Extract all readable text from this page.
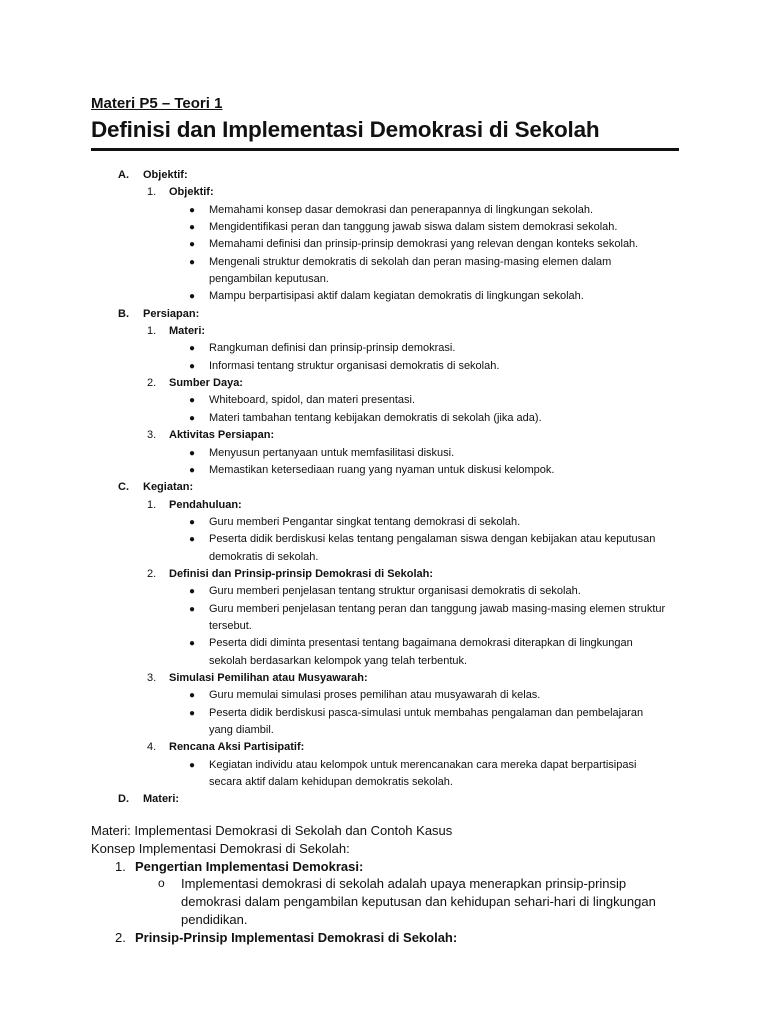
Materi P5 – Teori 1
Definisi dan Implementasi Demokrasi di Sekolah
A. Objektif:
1. Objektif:
● Memahami konsep dasar demokrasi dan penerapannya di lingkungan sekolah.
● Mengidentifikasi peran dan tanggung jawab siswa dalam sistem demokrasi sekolah.
● Memahami definisi dan prinsip-prinsip demokrasi yang relevan dengan konteks sekolah.
● Mengenali struktur demokratis di sekolah dan peran masing-masing elemen dalam pengambilan keputusan.
● Mampu berpartisipasi aktif dalam kegiatan demokratis di lingkungan sekolah.
B. Persiapan:
1. Materi:
● Rangkuman definisi dan prinsip-prinsip demokrasi.
● Informasi tentang struktur organisasi demokratis di sekolah.
2. Sumber Daya:
● Whiteboard, spidol, dan materi presentasi.
● Materi tambahan tentang kebijakan demokratis di sekolah (jika ada).
3. Aktivitas Persiapan:
● Menyusun pertanyaan untuk memfasilitasi diskusi.
● Memastikan ketersediaan ruang yang nyaman untuk diskusi kelompok.
C. Kegiatan:
1. Pendahuluan:
● Guru memberi Pengantar singkat tentang demokrasi di sekolah.
● Peserta didik berdiskusi kelas tentang pengalaman siswa dengan kebijakan atau keputusan demokratis di sekolah.
2. Definisi dan Prinsip-prinsip Demokrasi di Sekolah:
● Guru memberi penjelasan tentang struktur organisasi demokratis di sekolah.
● Guru memberi penjelasan tentang peran dan tanggung jawab masing-masing elemen struktur tersebut.
● Peserta didi diminta presentasi tentang bagaimana demokrasi diterapkan di lingkungan sekolah berdasarkan kelompok yang telah terbentuk.
3. Simulasi Pemilihan atau Musyawarah:
● Guru memulai simulasi proses pemilihan atau musyawarah di kelas.
● Peserta didik berdiskusi pasca-simulasi untuk membahas pengalaman dan pembelajaran yang diambil.
4. Rencana Aksi Partisipatif:
● Kegiatan individu atau kelompok untuk merencanakan cara mereka dapat berpartisipasi secara aktif dalam kehidupan demokratis sekolah.
D. Materi:
Materi: Implementasi Demokrasi di Sekolah dan Contoh Kasus
Konsep Implementasi Demokrasi di Sekolah:
1. Pengertian Implementasi Demokrasi:
o Implementasi demokrasi di sekolah adalah upaya menerapkan prinsip-prinsip demokrasi dalam pengambilan keputusan dan kehidupan sehari-hari di lingkungan pendidikan.
2. Prinsip-Prinsip Implementasi Demokrasi di Sekolah:
